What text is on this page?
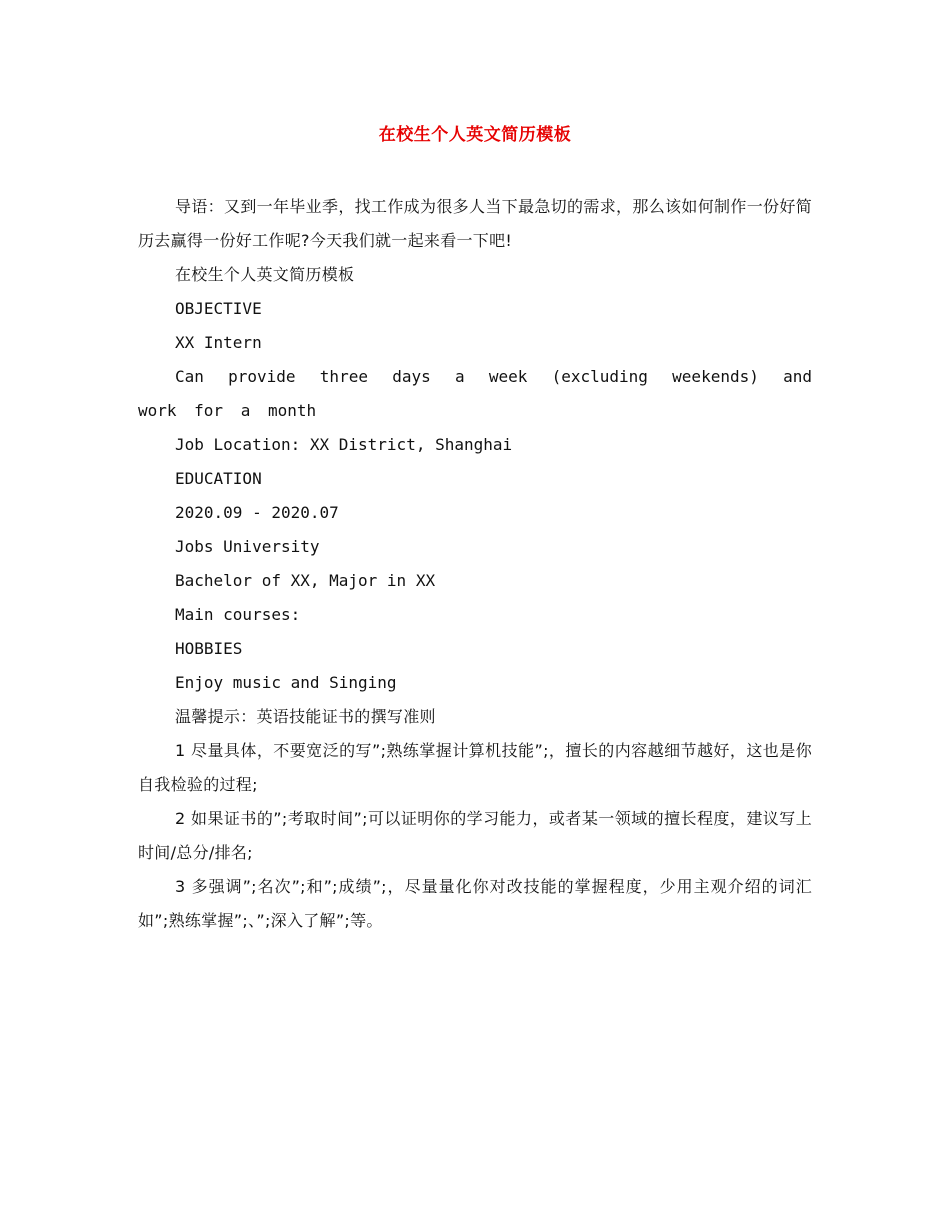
在校生个人英文简历模板

导语：又到一年毕业季，找工作成为很多人当下最急切的需求，那么该如何制作一份好简历去赢得一份好工作呢?今天我们就一起来看一下吧!

在校生个人英文简历模板

OBJECTIVE

XX Intern

Can provide three days a week (excluding weekends) and work for a month

Job Location: XX District, Shanghai

EDUCATION

2020.09 - 2020.07

Jobs University

Bachelor of XX, Major in XX

Main courses:

HOBBIES

Enjoy music and Singing

温馨提示：英语技能证书的撰写准则

1 尽量具体，不要宽泛的写”;熟练掌握计算机技能”;，擅长的内容越细节越好，这也是你自我检验的过程;

2 如果证书的”;考取时间”;可以证明你的学习能力，或者某一领域的擅长程度，建议写上时间/总分/排名;

3 多强调”;名次”;和”;成绩”;，尽量量化你对改技能的掌握程度，少用主观介绍的词汇如”;熟练掌握”;、”;深入了解”;等。
